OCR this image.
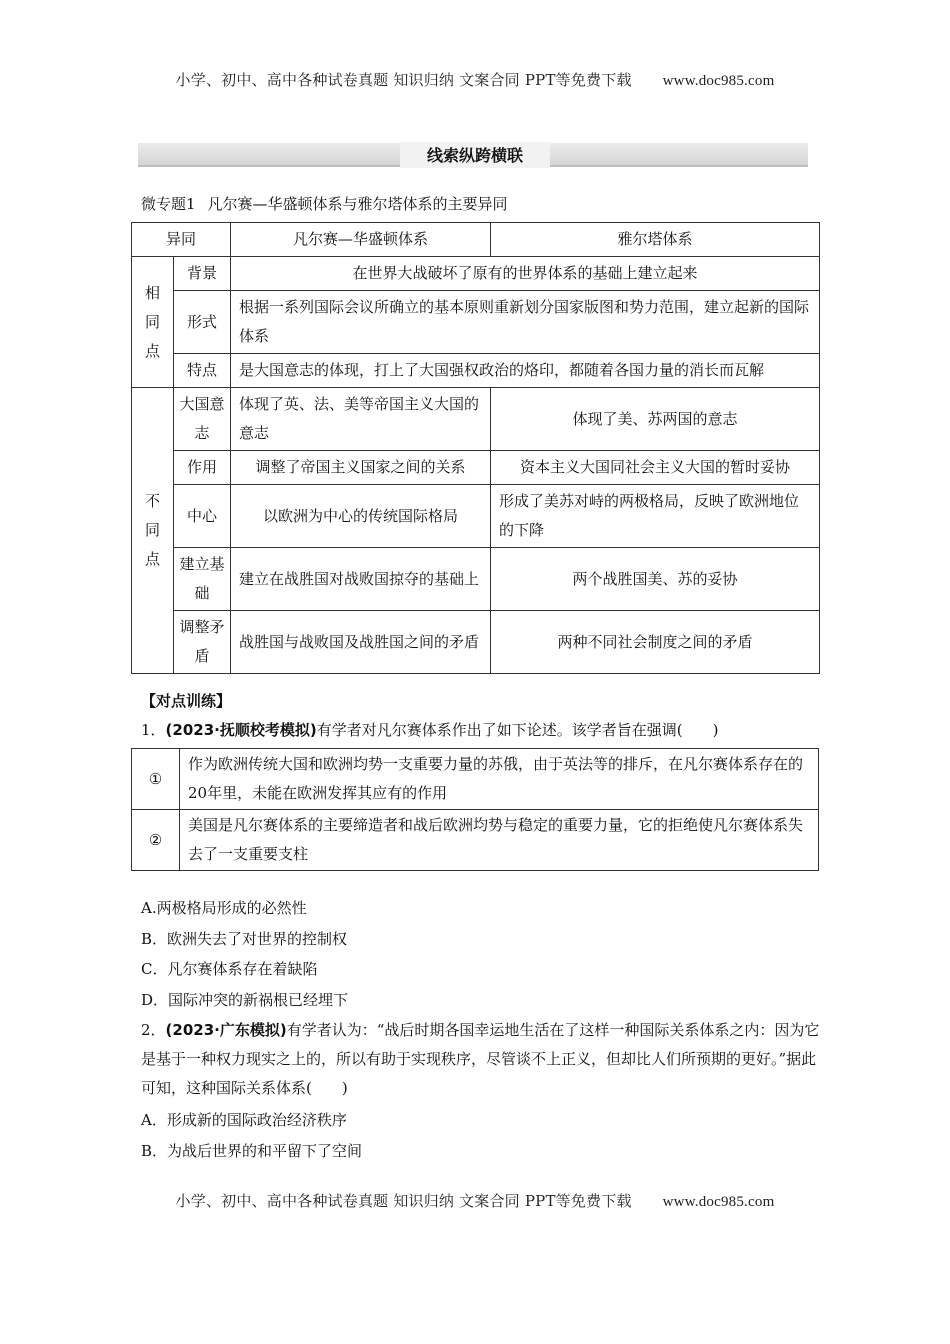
小学、初中、高中各种试卷真题 知识归纳 文案合同 PPT等免费下载 www.doc985.com
线索纵跨横联
微专题1 凡尔赛—华盛顿体系与雅尔塔体系的主要异同
异同		凡尔赛—华盛顿体系	雅尔塔体系
相
同
点	背景	在世界大战破坏了原有的世界体系的基础上建立起来	
	形式	根据一系列国际会议所确立的基本原则重新划分国家版图和势力范围，建立起新的国际体系	
	特点	是大国意志的体现，打上了大国强权政治的烙印，都随着各国力量的消长而瓦解	
不
同
点	大国意志	体现了英、法、美等帝国主义大国的意志	体现了美、苏两国的意志
	作用	调整了帝国主义国家之间的关系	资本主义大国同社会主义大国的暂时妥协
	中心	以欧洲为中心的传统国际格局	形成了美苏对峙的两极格局，反映了欧洲地位的下降
	建立基础	建立在战胜国对战败国掠夺的基础上	两个战胜国美、苏的妥协
	调整矛盾	战胜国与战败国及战胜国之间的矛盾	两种不同社会制度之间的矛盾
【对点训练】
1．(2023·抚顺校考模拟)有学者对凡尔赛体系作出了如下论述。该学者旨在强调(　　)
①	作为欧洲传统大国和欧洲均势一支重要力量的苏俄，由于英法等的排斥，在凡尔赛体系存在的20年里，未能在欧洲发挥其应有的作用
②	美国是凡尔赛体系的主要缔造者和战后欧洲均势与稳定的重要力量，它的拒绝使凡尔赛体系失去了一支重要支柱
A.两极格局形成的必然性
B．欧洲失去了对世界的控制权
C．凡尔赛体系存在着缺陷
D．国际冲突的新祸根已经埋下
2．(2023·广东模拟)有学者认为：“战后时期各国幸运地生活在了这样一种国际关系体系之内：因为它是基于一种权力现实之上的，所以有助于实现秩序，尽管谈不上正义，但却比人们所预期的更好。”据此可知，这种国际关系体系(　　)
A．形成新的国际政治经济秩序
B．为战后世界的和平留下了空间
小学、初中、高中各种试卷真题 知识归纳 文案合同 PPT等免费下载 www.doc985.com
